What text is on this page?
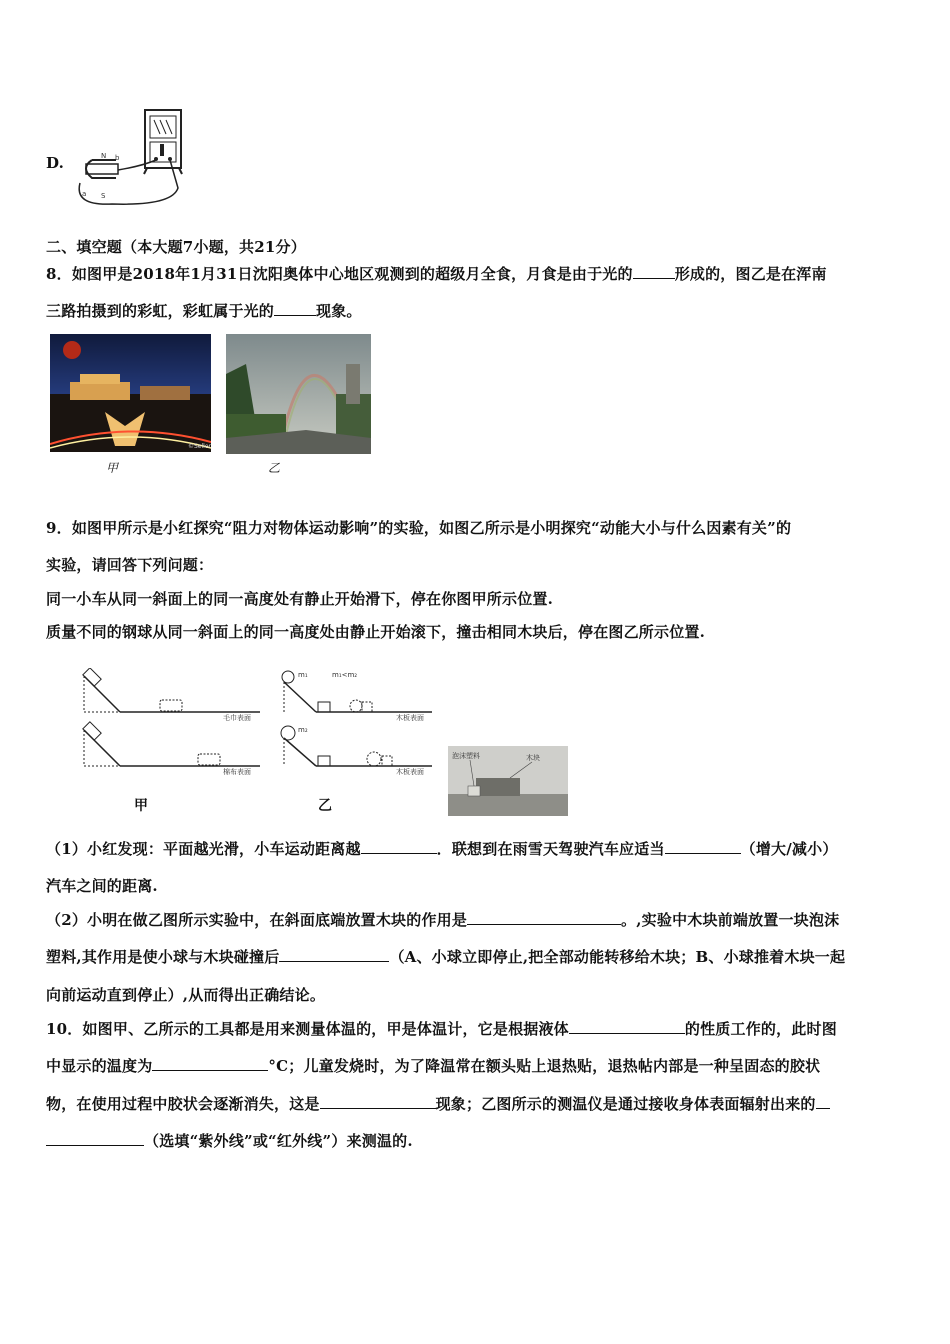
D.	N
S
b
a
二、填空题（本大题7小题，共21分）
8．如图甲是2018年1月31日沈阳奥体中心地区观测到的超级月全食，月食是由于光的	形成的，图乙是在浑南
三路拍摄到的彩虹，彩虹属于光的	现象。
©Seller
甲	乙
9．如图甲所示是小红探究“阻力对物体运动影响”的实验，如图乙所示是小明探究“动能大小与什么因素有关”的
实验，请回答下列问题：
同一小车从同一斜面上的同一高度处有静止开始滑下，停在你图甲所示位置.
质量不同的钢球从同一斜面上的同一高度处由静止开始滚下，撞击相同木块后，停在图乙所示位置.
毛巾表面
棉布表面
甲
m₁	m₁<m₂
木板表面
m₂
木板表面
乙
泡沫塑料	木块
（1）小红发现：平面越光滑，小车运动距离越	．联想到在雨雪天驾驶汽车应适当	（增大/减小）
汽车之间的距离.
（2）小明在做乙图所示实验中，在斜面底端放置木块的作用是	。,实验中木块前端放置一块泡沫
塑料,其作用是使小球与木块碰撞后	（A、小球立即停止,把全部动能转移给木块；B、小球推着木块一起
向前运动直到停止）,从而得出正确结论。
10．如图甲、乙所示的工具都是用来测量体温的，甲是体温计，它是根据液体	的性质工作的，此时图
中显示的温度为	°C；儿童发烧时，为了降温常在额头贴上退热贴，退热帖内部是一种呈固态的胶状
物，在使用过程中胶状会逐渐消失，这是	现象；乙图所示的测温仪是通过接收身体表面辐射出来的
（选填“紫外线”或“红外线”）来测温的.
